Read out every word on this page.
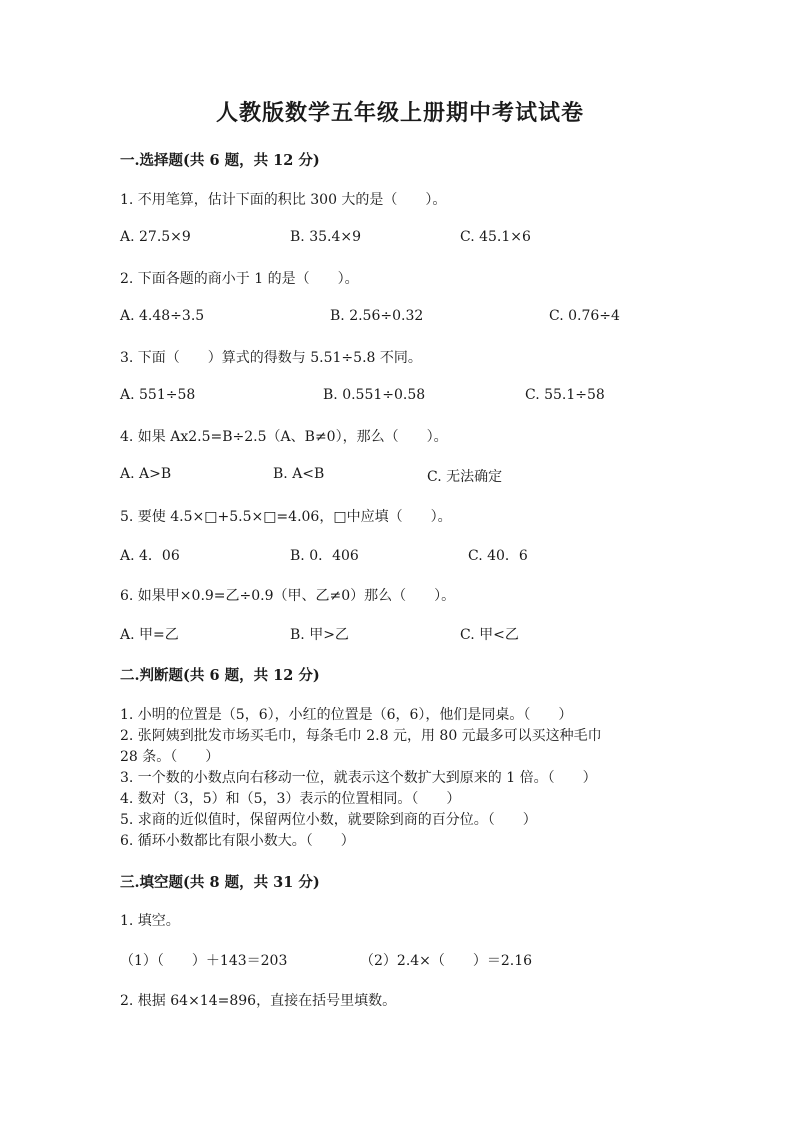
人教版数学五年级上册期中考试试卷
一.选择题(共 6 题，共 12 分)
1. 不用笔算，估计下面的积比 300 大的是（　　）。
A. 27.5×9	B. 35.4×9	C. 45.1×6
2. 下面各题的商小于 1 的是（　　）。
A. 4.48÷3.5	B. 2.56÷0.32	C. 0.76÷4
3. 下面（　　）算式的得数与 5.51÷5.8 不同。
A. 551÷58	B. 0.551÷0.58	C. 55.1÷58
4. 如果 Ax2.5=B÷2.5（A、B≠0），那么（　　）。
A. A>B	B. A<B	C. 无法确定
5. 要使 4.5×□+5.5×□=4.06，□中应填（　　）。
A. 4．06	B. 0．406	C. 40．6
6. 如果甲×0.9=乙÷0.9（甲、乙≠0）那么（　　）。
A. 甲=乙	B. 甲>乙	C. 甲<乙
二.判断题(共 6 题，共 12 分)
1. 小明的位置是（5，6），小红的位置是（6，6），他们是同桌。（　　）
2. 张阿姨到批发市场买毛巾，每条毛巾 2.8 元，用 80 元最多可以买这种毛巾
28 条。（　　）
3. 一个数的小数点向右移动一位，就表示这个数扩大到原来的 1 倍。（　　）
4. 数对（3，5）和（5，3）表示的位置相同。（　　）
5. 求商的近似值时，保留两位小数，就要除到商的百分位。（　　）
6. 循环小数都比有限小数大。（　　）
三.填空题(共 8 题，共 31 分)
1. 填空。
（1）（　　）＋143＝203	（2）2.4×（　　）＝2.16
2. 根据 64×14=896，直接在括号里填数。
